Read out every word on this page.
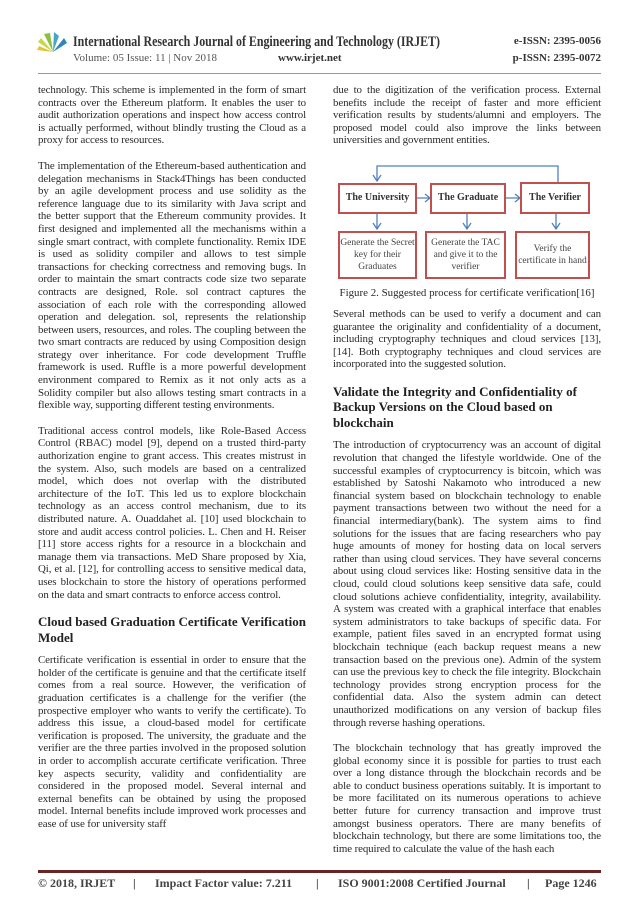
International Research Journal of Engineering and Technology (IRJET)
Volume: 05 Issue: 11 | Nov 2018	www.irjet.net
e-ISSN: 2395-0056
p-ISSN: 2395-0072

technology. This scheme is implemented in the form of smart contracts over the Ethereum platform. It enables the user to audit authorization operations and inspect how access control is actually performed, without blindly trusting the Cloud as a proxy for access to resources.

The implementation of the Ethereum-based authentication and delegation mechanisms in Stack4Things has been conducted by an agile development process and use solidity as the reference language due to its similarity with Java script and the better support that the Ethereum community provides. It first designed and implemented all the mechanisms within a single smart contract, with complete functionality. Remix IDE is used as solidity compiler and allows to test simple transactions for checking correctness and removing bugs. In order to maintain the smart contracts code size two separate contracts are designed, Role. sol contract captures the association of each role with the corresponding allowed operation and delegation. sol, represents the relationship between users, resources, and roles. The coupling between the two smart contracts are reduced by using Composition design strategy over inheritance. For code development Truffle framework is used. Ruffle is a more powerful development environment compared to Remix as it not only acts as a Solidity compiler but also allows testing smart contracts in a flexible way, supporting different testing environments.

Traditional access control models, like Role-Based Access Control (RBAC) model [9], depend on a trusted third-party authorization engine to grant access. This creates mistrust in the system. Also, such models are based on a centralized model, which does not overlap with the distributed architecture of the IoT. This led us to explore blockchain technology as an access control mechanism, due to its distributed nature. A. Ouaddahet al. [10] used blockchain to store and audit access control policies. L. Chen and H. Reiser [11] store access rights for a resource in a blockchain and manage them via transactions. MeD Share proposed by Xia, Qi, et al. [12], for controlling access to sensitive medical data, uses blockchain to store the history of operations performed on the data and smart contracts to enforce access control.

Cloud based Graduation Certificate Verification Model

Certificate verification is essential in order to ensure that the holder of the certificate is genuine and that the certificate itself comes from a real source. However, the verification of graduation certificates is a challenge for the verifier (the prospective employer who wants to verify the certificate). To address this issue, a cloud-based model for certificate verification is proposed. The university, the graduate and the verifier are the three parties involved in the proposed solution in order to accomplish accurate certificate verification. Three key aspects security, validity and confidentiality are considered in the proposed model. Several internal and external benefits can be obtained by using the proposed model. Internal benefits include improved work processes and ease of use for university staff

due to the digitization of the verification process. External benefits include the receipt of faster and more efficient verification results by students/alumni and employers. The proposed model could also improve the links between universities and government entities.

The University	The Graduate	The Verifier
Generate the Secret key for their Graduates
Generate the TAC and give it to the verifier
Verify the certificate in hand
Figure 2. Suggested process for certificate verification[16]

Several methods can be used to verify a document and can guarantee the originality and confidentiality of a document, including cryptography techniques and cloud services [13], [14]. Both cryptography techniques and cloud services are incorporated into the suggested solution.

Validate the Integrity and Confidentiality of Backup Versions on the Cloud based on blockchain

The introduction of cryptocurrency was an account of digital revolution that changed the lifestyle worldwide. One of the successful examples of cryptocurrency is bitcoin, which was established by Satoshi Nakamoto who introduced a new financial system based on blockchain technology to enable payment transactions between two without the need for a financial intermediary(bank). The system aims to find solutions for the issues that are facing researchers who pay huge amounts of money for hosting data on local servers rather than using cloud services. They have several concerns about using cloud services like: Hosting sensitive data in the cloud, could cloud solutions keep sensitive data safe, could cloud solutions achieve confidentiality, integrity, availability. A system was created with a graphical interface that enables system administrators to take backups of specific data. For example, patient files saved in an encrypted format using blockchain technique (each backup request means a new transaction based on the previous one). Admin of the system can use the previous key to check the file integrity. Blockchain technology provides strong encryption process for the confidential data. Also the system admin can detect unauthorized modifications on any version of backup files through reverse hashing operations.

The blockchain technology that has greatly improved the global economy since it is possible for parties to trust each over a long distance through the blockchain records and be able to conduct business operations suitably. It is important to be more facilitated on its numerous operations to achieve better future for currency transaction and improve trust amongst business operators. There are many benefits of blockchain technology, but there are some limitations too, the time required to calculate the value of the hash each

© 2018, IRJET | Impact Factor value: 7.211 | ISO 9001:2008 Certified Journal | Page 1246
